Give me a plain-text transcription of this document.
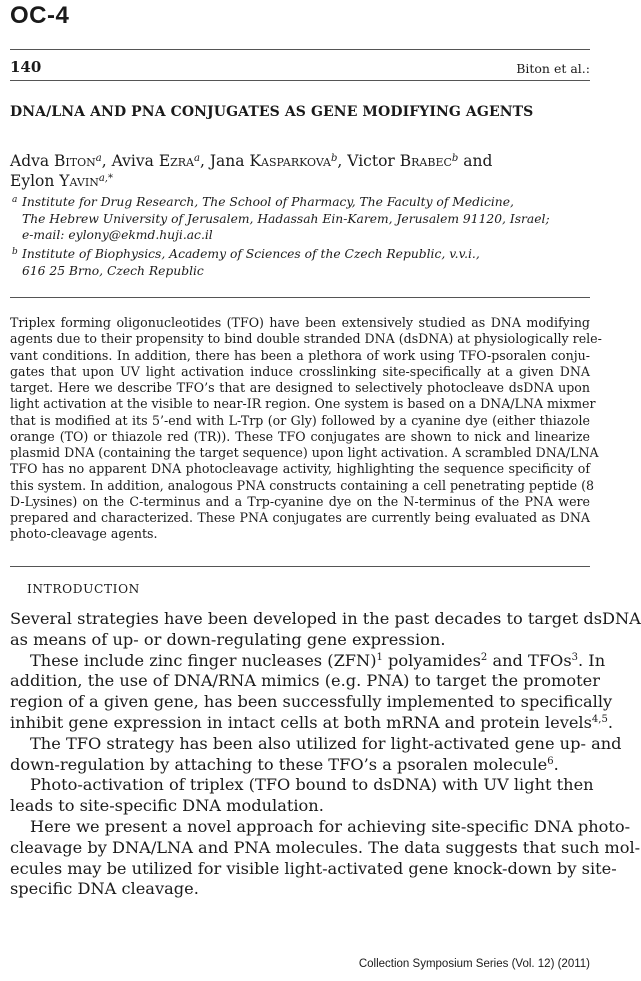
OC-4
140	Biton et al.:
DNA/LNA AND PNA CONJUGATES AS GENE MODIFYING AGENTS
Adva Biton$^a$, Aviva Ezra$^a$, Jana Kasparkova$^b$, Victor Brabec$^b$ and
Eylon Yavin$^{a,*}$
a Institute for Drug Research, The School of Pharmacy, The Faculty of Medicine,
The Hebrew University of Jerusalem, Hadassah Ein-Karem, Jerusalem 91120, Israel;
e-mail: eylony@ekmd.huji.ac.il
b Institute of Biophysics, Academy of Sciences of the Czech Republic, v.v.i.,
616 25 Brno, Czech Republic
Triplex forming oligonucleotides (TFO) have been extensively studied as DNA modifying
agents due to their propensity to bind double stranded DNA (dsDNA) at physiologically rele-
vant conditions. In addition, there has been a plethora of work using TFO-psoralen conju-
gates that upon UV light activation induce crosslinking site-specifically at a given DNA
target. Here we describe TFO’s that are designed to selectively photocleave dsDNA upon
light activation at the visible to near-IR region. One system is based on a DNA/LNA mixmer
that is modified at its 5’-end with L-Trp (or Gly) followed by a cyanine dye (either thiazole
orange (TO) or thiazole red (TR)). These TFO conjugates are shown to nick and linearize
plasmid DNA (containing the target sequence) upon light activation. A scrambled DNA/LNA
TFO has no apparent DNA photocleavage activity, highlighting the sequence specificity of
this system. In addition, analogous PNA constructs containing a cell penetrating peptide (8
D-Lysines) on the C-terminus and a Trp-cyanine dye on the N-terminus of the PNA were
prepared and characterized. These PNA conjugates are currently being evaluated as DNA
photo-cleavage agents.
INTRODUCTION
Several strategies have been developed in the past decades to target dsDNA
as means of up- or down-regulating gene expression.
These include zinc finger nucleases (ZFN)$^1$ polyamides$^2$ and TFOs$^3$. In
addition, the use of DNA/RNA mimics (e.g. PNA) to target the promoter
region of a given gene, has been successfully implemented to specifically
inhibit gene expression in intact cells at both mRNA and protein levels$^{4,5}$.
The TFO strategy has been also utilized for light-activated gene up- and
down-regulation by attaching to these TFO’s a psoralen molecule$^6$.
Photo-activation of triplex (TFO bound to dsDNA) with UV light then
leads to site-specific DNA modulation.
Here we present a novel approach for achieving site-specific DNA photo-
cleavage by DNA/LNA and PNA molecules. The data suggests that such mol-
ecules may be utilized for visible light-activated gene knock-down by site-
specific DNA cleavage.
Collection Symposium Series (Vol. 12) (2011)
